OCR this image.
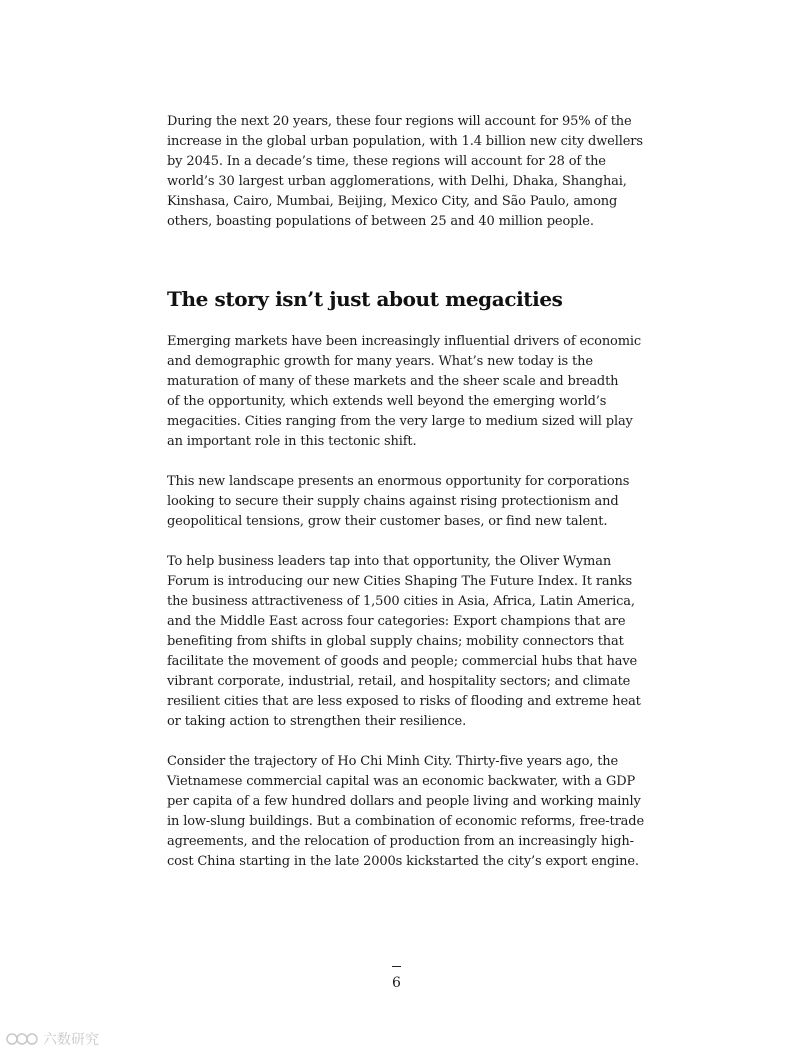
During the next 20 years, these four regions will account for 95% of the
increase in the global urban population, with 1.4 billion new city dwellers
by 2045. In a decade’s time, these regions will account for 28 of the
world’s 30 largest urban agglomerations, with Delhi, Dhaka, Shanghai,
Kinshasa, Cairo, Mumbai, Beijing, Mexico City, and São Paulo, among
others, boasting populations of between 25 and 40 million people.
The story isn’t just about megacities
Emerging markets have been increasingly influential drivers of economic
and demographic growth for many years. What’s new today is the
maturation of many of these markets and the sheer scale and breadth
of the opportunity, which extends well beyond the emerging world’s
megacities. Cities ranging from the very large to medium sized will play
an important role in this tectonic shift.
This new landscape presents an enormous opportunity for corporations
looking to secure their supply chains against rising protectionism and
geopolitical tensions, grow their customer bases, or find new talent.
To help business leaders tap into that opportunity, the Oliver Wyman
Forum is introducing our new Cities Shaping The Future Index. It ranks
the business attractiveness of 1,500 cities in Asia, Africa, Latin America,
and the Middle East across four categories: Export champions that are
benefiting from shifts in global supply chains; mobility connectors that
facilitate the movement of goods and people; commercial hubs that have
vibrant corporate, industrial, retail, and hospitality sectors; and climate
resilient cities that are less exposed to risks of flooding and extreme heat
or taking action to strengthen their resilience.
Consider the trajectory of Ho Chi Minh City. Thirty-five years ago, the
Vietnamese commercial capital was an economic backwater, with a GDP
per capita of a few hundred dollars and people living and working mainly
in low-slung buildings. But a combination of economic reforms, free-trade
agreements, and the relocation of production from an increasingly high-
cost China starting in the late 2000s kickstarted the city’s export engine.
6
六数研究
